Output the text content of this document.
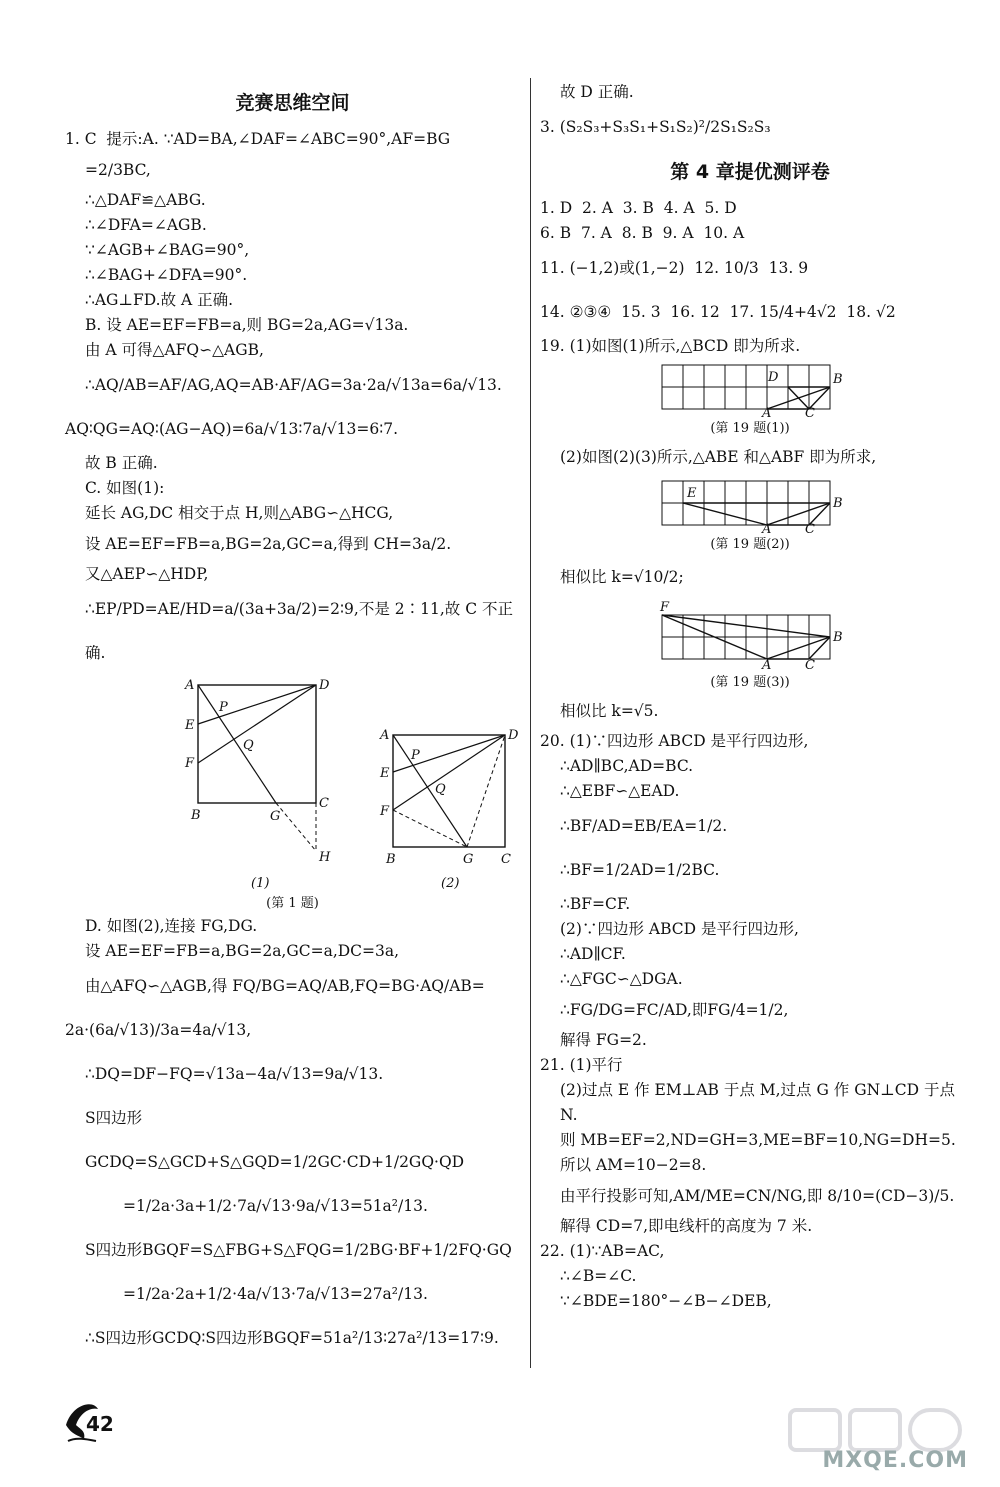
竞赛思维空间

1. C  提示:A. ∵AD=BA,∠DAF=∠ABC=90°,AF=BG

=2/3BC,

∴△DAF≌△ABG.

∴∠DFA=∠AGB.

∵∠AGB+∠BAG=90°,

∴∠BAG+∠DFA=90°.

∴AG⊥FD.故 A 正确.

B. 设 AE=EF=FB=a,则 BG=2a,AG=√13a.

由 A 可得△AFQ∽△AGB,

∴AQ/AB=AF/AG,AQ=AB·AF/AG=3a·2a/√13a=6a/√13.

AQ∶QG=AQ∶(AG−AQ)=6a/√13∶7a/√13=6∶7.

故 B 正确.

C. 如图(1):

延长 AG,DC 相交于点 H,则△ABG∽△HCG,

设 AE=EF=FB=a,BG=2a,GC=a,得到 CH=3a/2.

又△AEP∽△HDP,

∴EP/PD=AE/HD=a/(3a+3a/2)=2∶9,不是 2∶11,故 C 不正确.

A	D
E
F
B
C
G
H
P
Q
(1)
A	D
E
F
B	G C
P
Q
(2)
(第 1 题)

D. 如图(2),连接 FG,DG.

设 AE=EF=FB=a,BG=2a,GC=a,DC=3a,

由△AFQ∽△AGB,得 FQ/BG=AQ/AB,FQ=BG·AQ/AB=

2a·(6a/√13)/3a=4a/√13,

∴DQ=DF−FQ=√13a−4a/√13=9a/√13.

S四边形GCDQ=S△GCD+S△GQD=1/2GC·CD+1/2GQ·QD

=1/2a·3a+1/2·7a/√13·9a/√13=51a²/13.

S四边形BGQF=S△FBG+S△FQG=1/2BG·BF+1/2FQ·GQ

=1/2a·2a+1/2·4a/√13·7a/√13=27a²/13.

∴S四边形GCDQ∶S四边形BGQF=51a²/13∶27a²/13=17∶9.

故 D 正确.

3. (S₂S₃+S₃S₁+S₁S₂)²/2S₁S₂S₃

第 4 章提优测评卷

1. D  2. A  3. B  4. A  5. D

6. B  7. A  8. B  9. A  10. A

11. (−1,2)或(1,−2)  12. 10/3  13. 9

14. ②③④  15. 3  16. 12  17. 15/4+4√2  18. √2

19. (1)如图(1)所示,△BCD 即为所求.

D	B
A	C
(第 19 题(1))

(2)如图(2)(3)所示,△ABE 和△ABF 即为所求,

E
B
A	C
(第 19 题(2))

相似比 k=√10/2;

F
B
A	C
(第 19 题(3))

相似比 k=√5.

20. (1)∵四边形 ABCD 是平行四边形,

∴AD∥BC,AD=BC.

∴△EBF∽△EAD.

∴BF/AD=EB/EA=1/2.

∴BF=1/2AD=1/2BC.

∴BF=CF.

(2)∵四边形 ABCD 是平行四边形,

∴AD∥CF.

∴△FGC∽△DGA.

∴FG/DG=FC/AD,即FG/4=1/2,

解得 FG=2.

21. (1)平行

(2)过点 E 作 EM⊥AB 于点 M,过点 G 作 GN⊥CD 于点 N.

则 MB=EF=2,ND=GH=3,ME=BF=10,NG=DH=5.

所以 AM=10−2=8.

由平行投影可知,AM/ME=CN/NG,即 8/10=(CD−3)/5.

解得 CD=7,即电线杆的高度为 7 米.

22. (1)∵AB=AC,

∴∠B=∠C.

∵∠BDE=180°−∠B−∠DEB,

42
MXQE.COM
